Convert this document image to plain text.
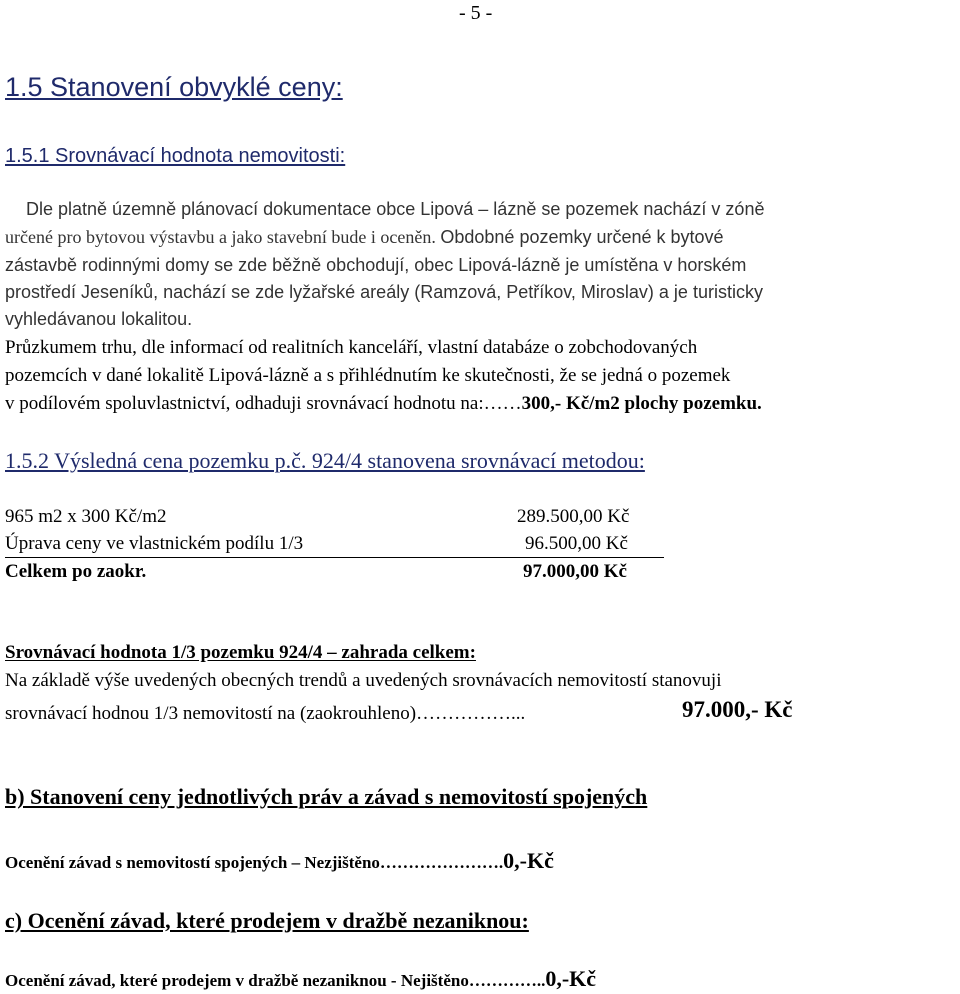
- 5 -
1.5 Stanovení obvyklé ceny:
1.5.1 Srovnávací hodnota nemovitosti:
Dle platně územně plánovací dokumentace obce Lipová – lázně se pozemek nachází v zóně
určené pro bytovou výstavbu a jako stavební bude i oceněn. Obdobné pozemky určené k bytové
zástavbě rodinnými domy se zde běžně obchodují, obec Lipová-lázně je umístěna v horském
prostředí Jeseníků, nachází se zde lyžařské areály (Ramzová, Petříkov, Miroslav) a je turisticky
vyhledávanou lokalitou.
Průzkumem trhu, dle informací od realitních kanceláří, vlastní databáze o zobchodovaných
pozemcích v dané lokalitě Lipová-lázně a s přihlédnutím ke skutečnosti, že se jedná o pozemek
v podílovém spoluvlastnictví, odhaduji srovnávací hodnotu na:……300,- Kč/m2 plochy pozemku.
1.5.2 Výsledná cena pozemku p.č. 924/4 stanovena srovnávací metodou:
965 m2 x 300 Kč/m2	289.500,00 Kč
Úprava ceny ve vlastnickém podílu 1/3	96.500,00 Kč
Celkem po zaokr.	97.000,00 Kč
Srovnávací hodnota 1/3 pozemku 924/4 – zahrada celkem:
Na základě výše uvedených obecných trendů a uvedených srovnávacích nemovitostí stanovuji
srovnávací hodnou 1/3 nemovitostí na (zaokrouhleno)……………...	97.000,- Kč
b) Stanovení ceny jednotlivých práv a závad s nemovitostí spojených
Ocenění závad s nemovitostí spojených – Nezjištěno………………….0,-Kč
c) Ocenění závad, které prodejem v dražbě nezaniknou:
Ocenění závad, které prodejem v dražbě nezaniknou - Nejištěno…………..0,-Kč
